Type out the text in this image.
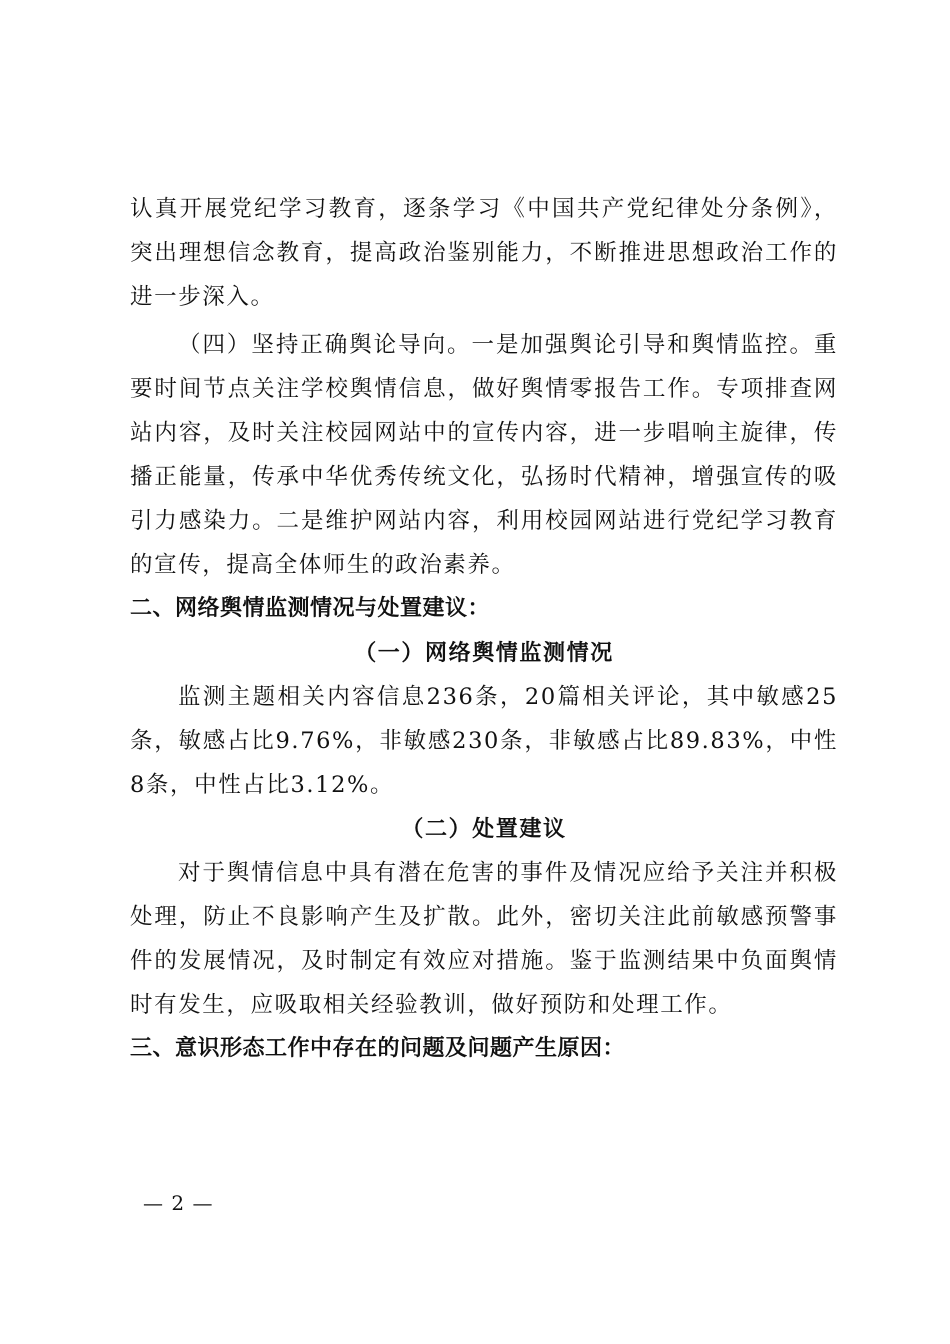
认真开展党纪学习教育，逐条学习《中国共产党纪律处分条例》，突出理想信念教育，提高政治鉴别能力，不断推进思想政治工作的进一步深入。

（四）坚持正确舆论导向。一是加强舆论引导和舆情监控。重要时间节点关注学校舆情信息，做好舆情零报告工作。专项排查网站内容，及时关注校园网站中的宣传内容，进一步唱响主旋律，传播正能量，传承中华优秀传统文化，弘扬时代精神，增强宣传的吸引力感染力。二是维护网站内容，利用校园网站进行党纪学习教育的宣传，提高全体师生的政治素养。

二、网络舆情监测情况与处置建议：
（一）网络舆情监测情况

监测主题相关内容信息236条，20篇相关评论，其中敏感25条，敏感占比9.76%，非敏感230条，非敏感占比89.83%，中性8条，中性占比3.12%。

（二）处置建议

对于舆情信息中具有潜在危害的事件及情况应给予关注并积极处理，防止不良影响产生及扩散。此外，密切关注此前敏感预警事件的发展情况，及时制定有效应对措施。鉴于监测结果中负面舆情时有发生，应吸取相关经验教训，做好预防和处理工作。

三、意识形态工作中存在的问题及问题产生原因：
— 2 —
